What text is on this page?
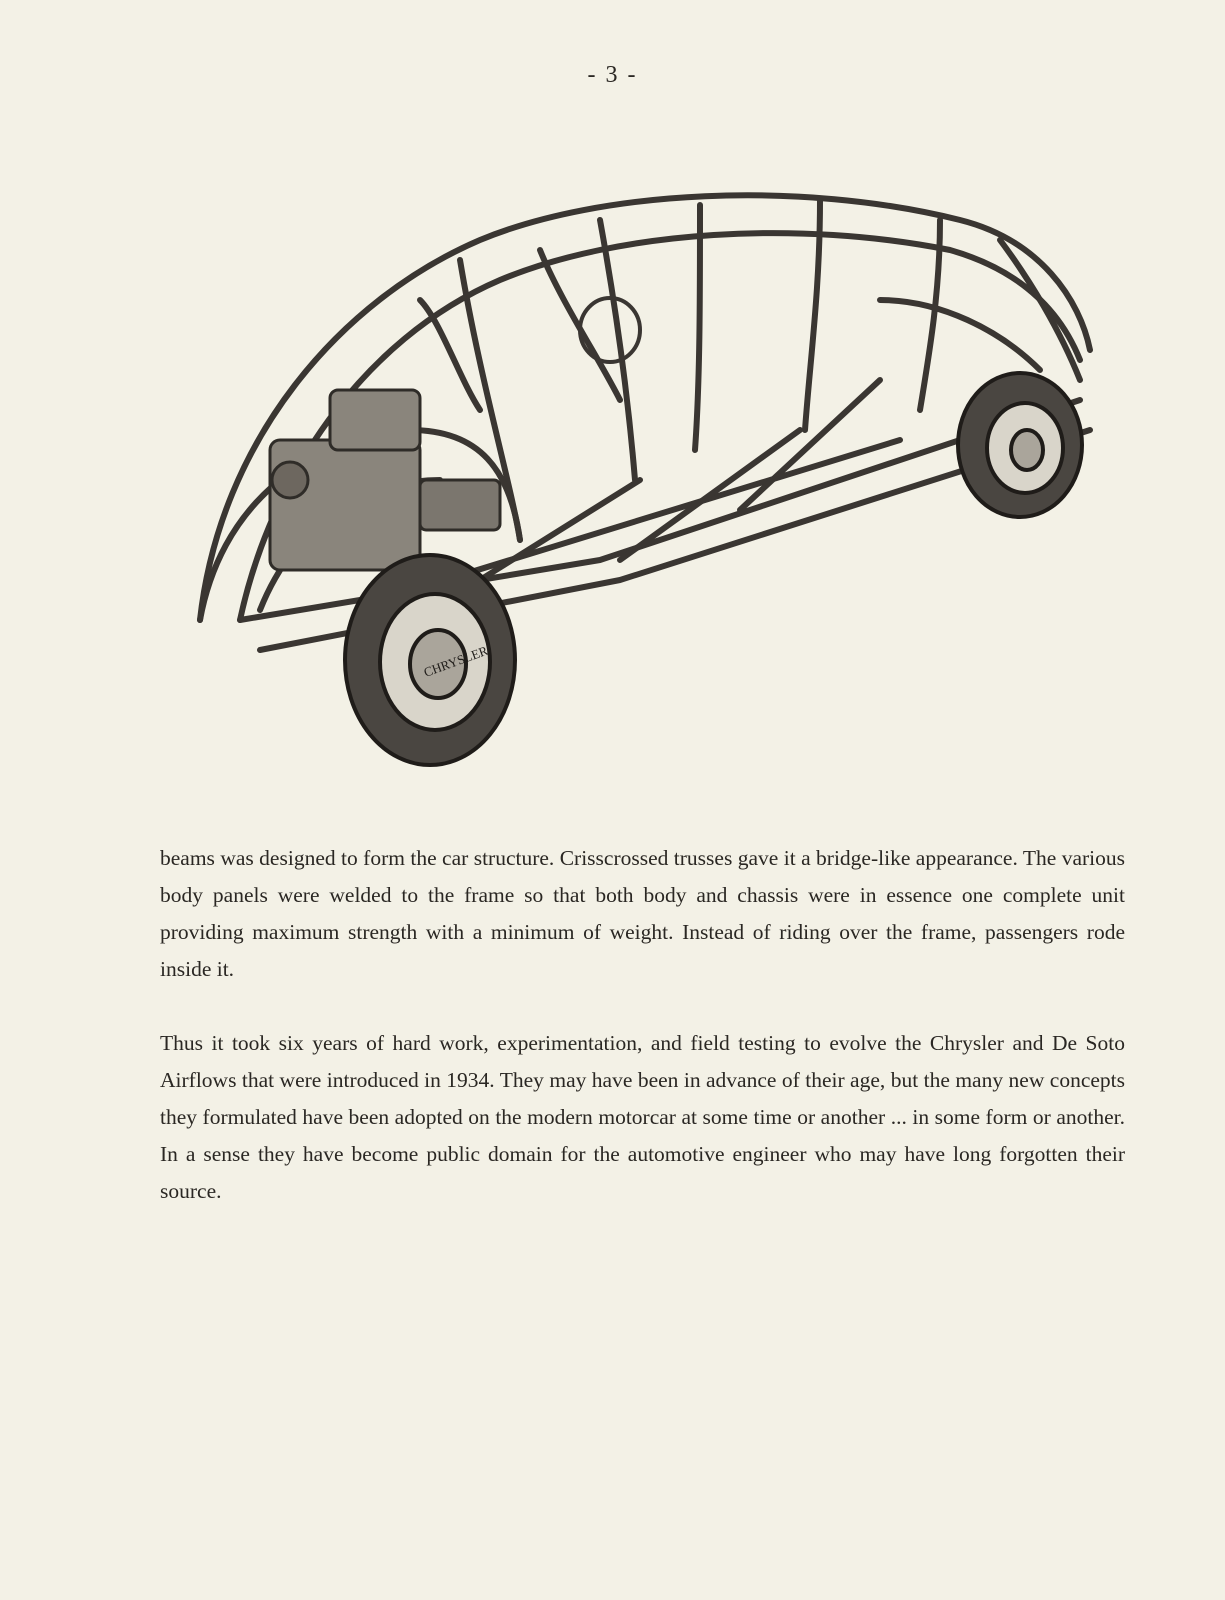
- 3 -
CHRYSLER

beams was designed to form the car structure. Crisscrossed trusses gave it a bridge-like appearance. The various body panels were welded to the frame so that both body and chassis were in essence one complete unit providing maximum strength with a minimum of weight. Instead of riding over the frame, passengers rode inside it.

Thus it took six years of hard work, experimentation, and field testing to evolve the Chrysler and De Soto Airflows that were introduced in 1934. They may have been in advance of their age, but the many new concepts they formulated have been adopted on the modern motorcar at some time or another ... in some form or another. In a sense they have become public domain for the automotive engineer who may have long forgotten their source.
